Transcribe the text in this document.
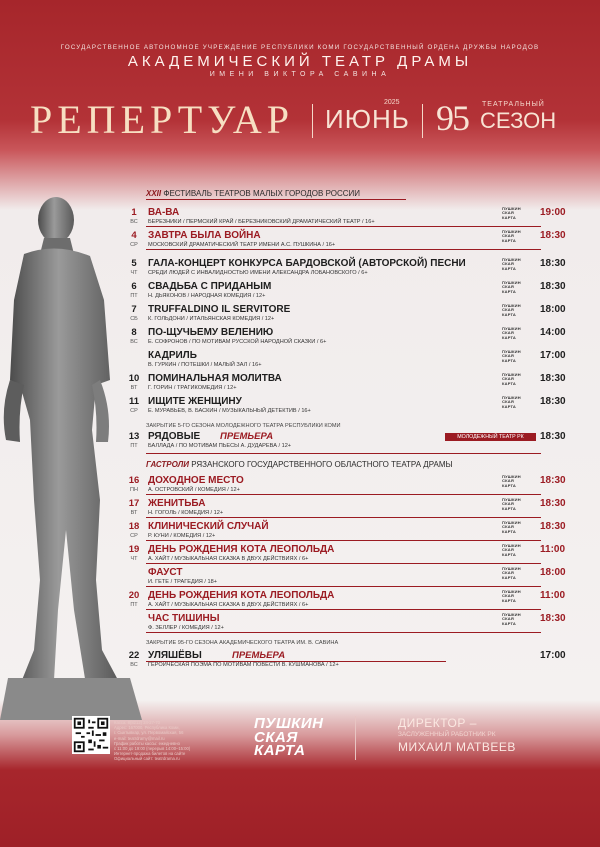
ГОСУДАРСТВЕННОЕ АВТОНОМНОЕ УЧРЕЖДЕНИЕ РЕСПУБЛИКИ КОМИ ГОСУДАРСТВЕННЫЙ ОРДЕНА ДРУЖБЫ НАРОДОВ
АКАДЕМИЧЕСКИЙ ТЕАТР ДРАМЫ
ИМЕНИ ВИКТОРА САВИНА
РЕПЕРТУАР ИЮНЬ
2025 95 ТЕАТРАЛЬНЫЙ
СЕЗОН
XXII ФЕСТИВАЛЬ ТЕАТРОВ МАЛЫХ ГОРОДОВ РОССИИ
1
ВС
ВА-ВА
БЕРЕЗНИКИ / ПЕРМСКИЙ КРАЙ / БЕРЕЗНИКОВСКИЙ ДРАМАТИЧЕСКИЙ ТЕАТР / 16+
19:00
ПУШКИН
СКАЯ
КАРТА
4
СР
ЗАВТРА БЫЛА ВОЙНА
МОСКОВСКИЙ ДРАМАТИЧЕСКИЙ ТЕАТР ИМЕНИ А.С. ПУШКИНА / 16+
18:30
ПУШКИН
СКАЯ
КАРТА
5
ЧТ
ГАЛА-КОНЦЕРТ КОНКУРСА БАРДОВСКОЙ (АВТОРСКОЙ) ПЕСНИ
СРЕДИ ЛЮДЕЙ С ИНВАЛИДНОСТЬЮ ИМЕНИ АЛЕКСАНДРА ЛОБАНОВСКОГО / 6+
18:30
ПУШКИН
СКАЯ
КАРТА
6
ПТ
СВАДЬБА С ПРИДАНЫМ
Н. ДЬЯКОНОВ / НАРОДНАЯ КОМЕДИЯ / 12+
18:30
ПУШКИН
СКАЯ
КАРТА
7
СБ
TRUFFALDINO IL SERVITORE
К. ГОЛЬДОНИ / ИТАЛЬЯНСКАЯ КОМЕДИЯ / 12+
18:00
ПУШКИН
СКАЯ
КАРТА
8
ВС
ПО-ЩУЧЬЕМУ ВЕЛЕНИЮ
Е. СОФРОНОВ / ПО МОТИВАМ РУССКОЙ НАРОДНОЙ СКАЗКИ / 6+
14:00
ПУШКИН
СКАЯ
КАРТА
КАДРИЛЬ
В. ГУРКИН / ПОТЕШКИ / МАЛЫЙ ЗАЛ / 16+
17:00
ПУШКИН
СКАЯ
КАРТА
10
ВТ
ПОМИНАЛЬНАЯ МОЛИТВА
Г. ГОРИН / ТРАГИКОМЕДИЯ / 12+
18:30
ПУШКИН
СКАЯ
КАРТА
11
СР
ИЩИТЕ ЖЕНЩИНУ
Е. МУРАВЬЕВ, В. БАСКИН / МУЗЫКАЛЬНЫЙ ДЕТЕКТИВ / 16+
18:30
ПУШКИН
СКАЯ
КАРТА
ЗАКРЫТИЕ 5-ГО СЕЗОНА МОЛОДЕЖНОГО ТЕАТРА РЕСПУБЛИКИ КОМИ
13
ПТ
РЯДОВЫЕ ПРЕМЬЕРА
БАЛЛАДА / ПО МОТИВАМ ПЬЕСЫ А. ДУДАРЕВА / 12+
МОЛОДЕЖНЫЙ ТЕАТР РК	18:30
ГАСТРОЛИ РЯЗАНСКОГО ГОСУДАРСТВЕННОГО ОБЛАСТНОГО ТЕАТРА ДРАМЫ
16
ПН
ДОХОДНОЕ МЕСТО
А. ОСТРОВСКИЙ / КОМЕДИЯ / 12+
18:30
ПУШКИН
СКАЯ
КАРТА
17
ВТ
ЖЕНИТЬБА
Н. ГОГОЛЬ / КОМЕДИЯ / 12+
18:30
ПУШКИН
СКАЯ
КАРТА
18
СР
КЛИНИЧЕСКИЙ СЛУЧАЙ
Р. КУНИ / КОМЕДИЯ / 12+
18:30
ПУШКИН
СКАЯ
КАРТА
19
ЧТ
ДЕНЬ РОЖДЕНИЯ КОТА ЛЕОПОЛЬДА
А. ХАЙТ / МУЗЫКАЛЬНАЯ СКАЗКА В ДВУХ ДЕЙСТВИЯХ / 6+
11:00
ПУШКИН
СКАЯ
КАРТА
ФАУСТ
И. ГЕТЕ / ТРАГЕДИЯ / 18+
18:00
ПУШКИН
СКАЯ
КАРТА
20
ПТ
ДЕНЬ РОЖДЕНИЯ КОТА ЛЕОПОЛЬДА
А. ХАЙТ / МУЗЫКАЛЬНАЯ СКАЗКА В ДВУХ ДЕЙСТВИЯХ / 6+
11:00
ПУШКИН
СКАЯ
КАРТА
ЧАС ТИШИНЫ
Ф. ЗЕЛЛЕР / КОМЕДИЯ / 12+
18:30
ПУШКИН
СКАЯ
КАРТА
ЗАКРЫТИЕ 95-ГО СЕЗОНА АКАДЕМИЧЕСКОГО ТЕАТРА ИМ. В. САВИНА
22
ВС
УЛЯШЁВЫ	ПРЕМЬЕРА
ГЕРОИЧЕСКАЯ ПОЭМА ПО МОТИВАМ ПОВЕСТИ В. КУШМАНОВА / 12+
17:00
Касса: 8(8212) 24-27-70
Адрес: 167000, Республика Коми,
г. Сыктывкар, ул. Первомайская, 56
e-mail: teatrdramy@mail.ru
График работы кассы: ежедневно
с 11:00 до 19:00 (перерыв 14:00–15:00)
Интернет-продажа билетов на сайте
Официальный сайт: teatrdrama.ru
ПУШКИН
СКАЯ
КАРТА
ДИРЕКТОР –
ЗАСЛУЖЕННЫЙ РАБОТНИК РК
МИХАИЛ МАТВЕЕВ
